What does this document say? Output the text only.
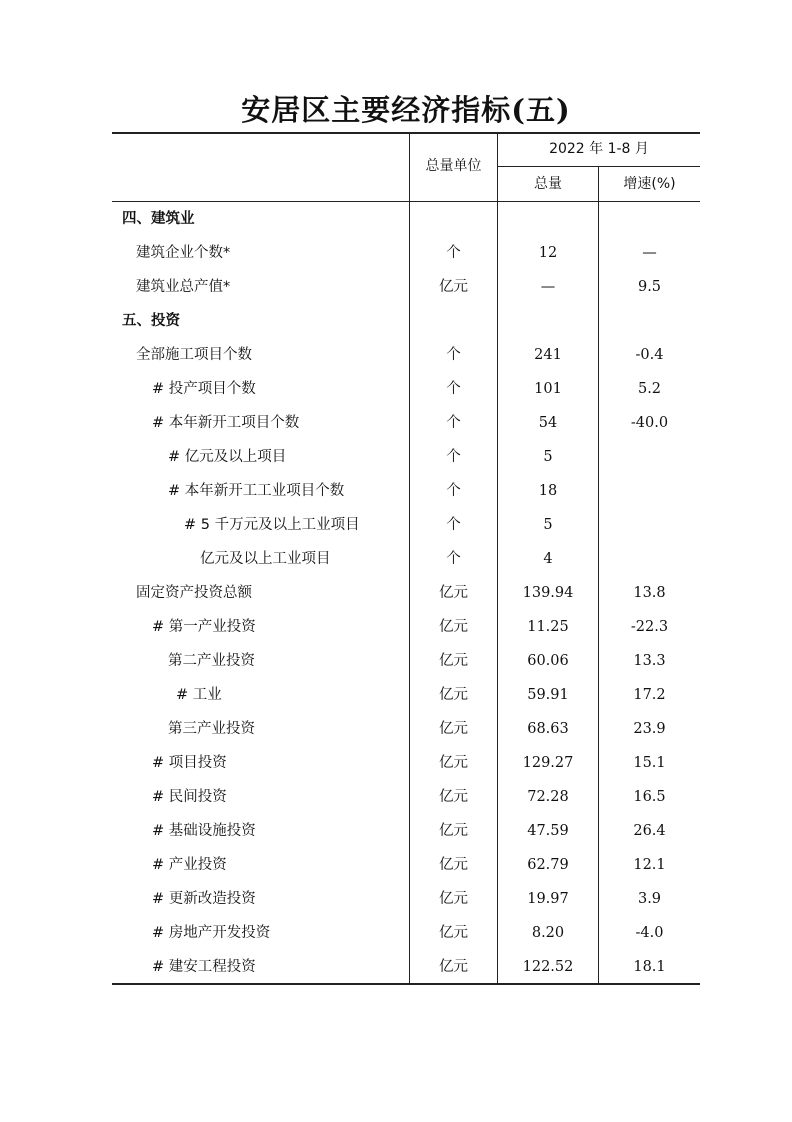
安居区主要经济指标(五)
总量单位
2022 年 1-8 月
总量	增速(%)
四、建筑业
建筑企业个数*	个	12	—
建筑业总产值*	亿元	—	9.5
五、投资
全部施工项目个数	个	241	-0.4
# 投产项目个数	个	101	5.2
# 本年新开工项目个数	个	54	-40.0
# 亿元及以上项目	个	5
# 本年新开工工业项目个数	个	18
# 5 千万元及以上工业项目	个	5
亿元及以上工业项目	个	4
固定资产投资总额	亿元	139.94	13.8
# 第一产业投资	亿元	11.25	-22.3
第二产业投资	亿元	60.06	13.3
# 工业	亿元	59.91	17.2
第三产业投资	亿元	68.63	23.9
# 项目投资	亿元	129.27	15.1
# 民间投资	亿元	72.28	16.5
# 基础设施投资	亿元	47.59	26.4
# 产业投资	亿元	62.79	12.1
# 更新改造投资	亿元	19.97	3.9
# 房地产开发投资	亿元	8.20	-4.0
# 建安工程投资	亿元	122.52	18.1
